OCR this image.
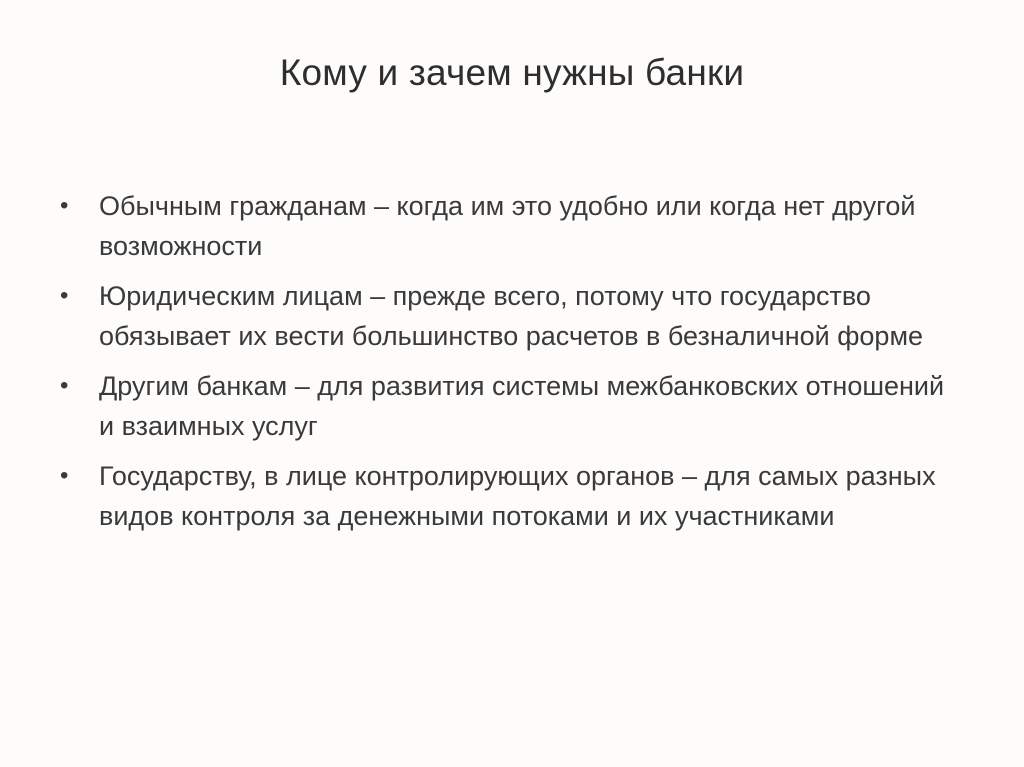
Кому и зачем нужны банки
• Обычным гражданам – когда им это удобно или когда нет другой возможности
• Юридическим лицам – прежде всего, потому что государство обязывает их вести большинство расчетов в безналичной форме
• Другим банкам – для развития системы межбанковских отношений и взаимных услуг
• Государству, в лице контролирующих органов – для самых разных видов контроля за денежными потоками и их участниками
